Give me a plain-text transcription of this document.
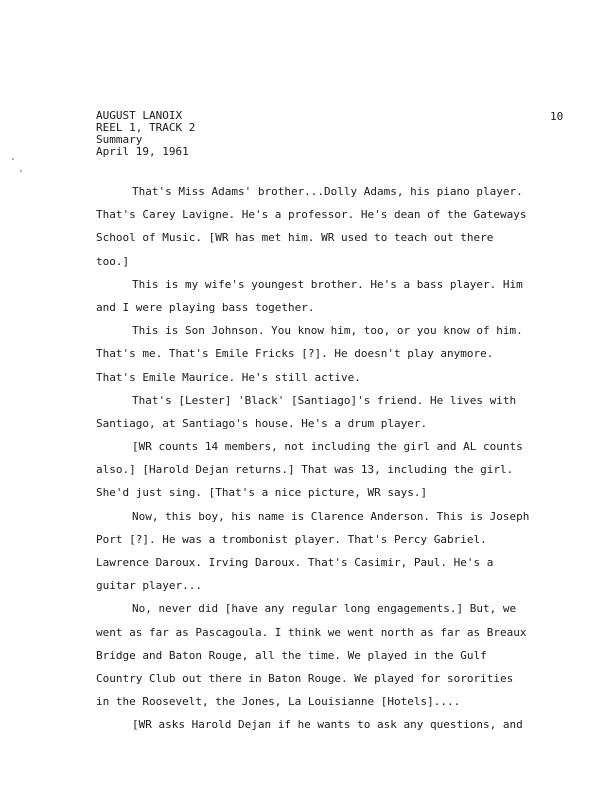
AUGUST LANOIX
REEL 1, TRACK 2
Summary
April 19, 1961
10
That's Miss Adams' brother...Dolly Adams, his piano player.
That's Carey Lavigne. He's a professor. He's dean of the Gateways
School of Music. [WR has met him. WR used to teach out there
too.]
This is my wife's youngest brother. He's a bass player. Him
and I were playing bass together.
This is Son Johnson. You know him, too, or you know of him.
That's me. That's Emile Fricks [?]. He doesn't play anymore.
That's Emile Maurice. He's still active.
That's [Lester] 'Black' [Santiago]'s friend. He lives with
Santiago, at Santiago's house. He's a drum player.
[WR counts 14 members, not including the girl and AL counts
also.] [Harold Dejan returns.] That was 13, including the girl.
She'd just sing. [That's a nice picture, WR says.]
Now, this boy, his name is Clarence Anderson. This is Joseph
Port [?]. He was a trombonist player. That's Percy Gabriel.
Lawrence Daroux. Irving Daroux. That's Casimir, Paul. He's a
guitar player...
No, never did [have any regular long engagements.] But, we
went as far as Pascagoula. I think we went north as far as Breaux
Bridge and Baton Rouge, all the time. We played in the Gulf
Country Club out there in Baton Rouge. We played for sororities
in the Roosevelt, the Jones, La Louisianne [Hotels]....
[WR asks Harold Dejan if he wants to ask any questions, and
